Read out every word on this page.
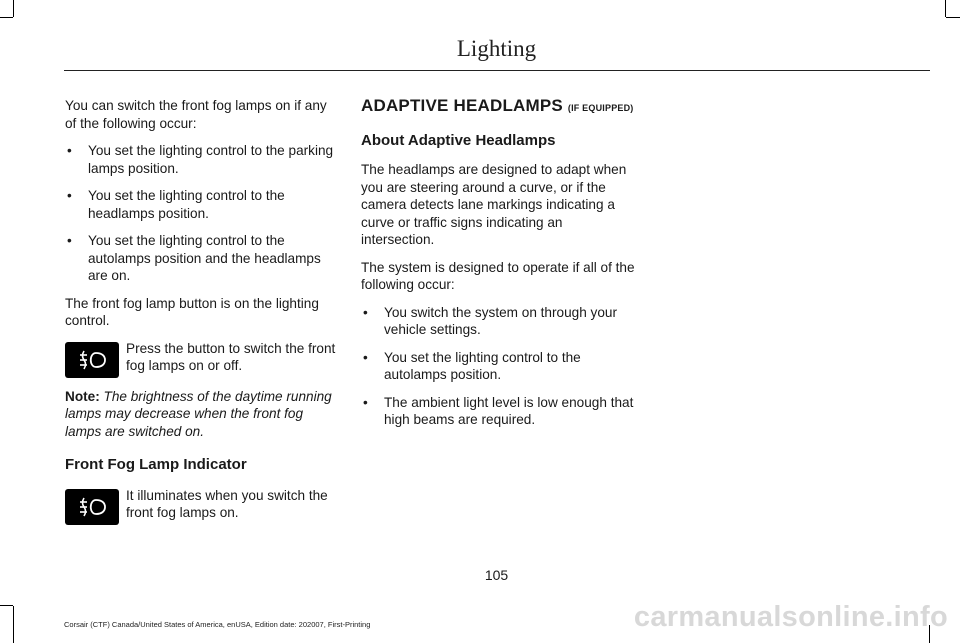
Lighting

You can switch the front fog lamps on if any of the following occur:

• You set the lighting control to the parking lamps position.
• You set the lighting control to the headlamps position.
• You set the lighting control to the autolamps position and the headlamps are on.

The front fog lamp button is on the lighting control.

Press the button to switch the front fog lamps on or off.

Note: The brightness of the daytime running lamps may decrease when the front fog lamps are switched on.

Front Fog Lamp Indicator
It illuminates when you switch the front fog lamps on.
ADAPTIVE HEADLAMPS (IF EQUIPPED)
About Adaptive Headlamps

The headlamps are designed to adapt when you are steering around a curve, or if the camera detects lane markings indicating a curve or traffic signs indicating an intersection.

The system is designed to operate if all of the following occur:

• You switch the system on through your vehicle settings.
• You set the lighting control to the autolamps position.
• The ambient light level is low enough that high beams are required.
105
Corsair (CTF) Canada/United States of America, enUSA, Edition date: 202007, First-Printing	carmanualsonline.info
